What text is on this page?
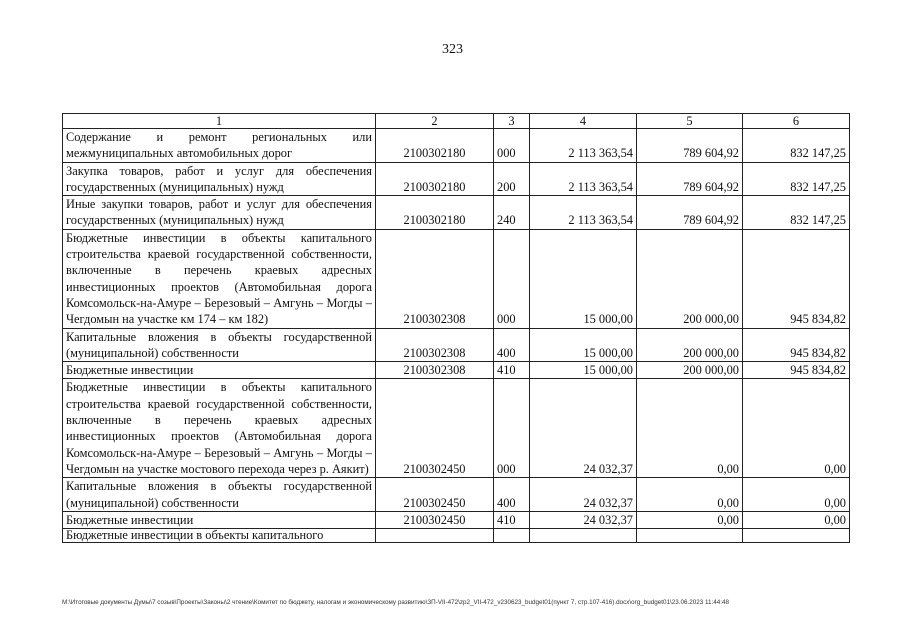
323
1	2	3	4	5	6
Содержание и ремонт региональных или межмуниципальных автомобильных дорог	2100302180	000	2 113 363,54	789 604,92	832 147,25
Закупка товаров, работ и услуг для обеспечения государственных (муниципальных) нужд	2100302180	200	2 113 363,54	789 604,92	832 147,25
Иные закупки товаров, работ и услуг для обеспечения государственных (муниципальных) нужд	2100302180	240	2 113 363,54	789 604,92	832 147,25
Бюджетные инвестиции в объекты капитального строительства краевой государственной собственности, включенные в перечень краевых адресных инвестиционных проектов (Автомобильная дорога Комсомольск-на-Амуре – Березовый – Амгунь – Могды – Чегдомын на участке км 174 – км 182)	2100302308	000	15 000,00	200 000,00	945 834,82
Капитальные вложения в объекты государственной (муниципальной) собственности	2100302308	400	15 000,00	200 000,00	945 834,82
Бюджетные инвестиции	2100302308	410	15 000,00	200 000,00	945 834,82
Бюджетные инвестиции в объекты капитального строительства краевой государственной собственности, включенные в перечень краевых адресных инвестиционных проектов (Автомобильная дорога Комсомольск-на-Амуре – Березовый – Амгунь – Могды – Чегдомын на участке мостового перехода через р. Аякит)	2100302450	000	24 032,37	0,00	0,00
Капитальные вложения в объекты государственной (муниципальной) собственности	2100302450	400	24 032,37	0,00	0,00
Бюджетные инвестиции	2100302450	410	24 032,37	0,00	0,00
Бюджетные инвестиции в объекты капитального					
M:\Итоговые документы Думы\7 созыв\Проекты\Законы\2 чтение\Комитет по бюджету, налогам и экономическому развитию\ЗП-VII-472\zp2_VII-472_v230623_budget01(пункт 7, стр.107-416).docx\org_budget01\23.06.2023 11:44:48
